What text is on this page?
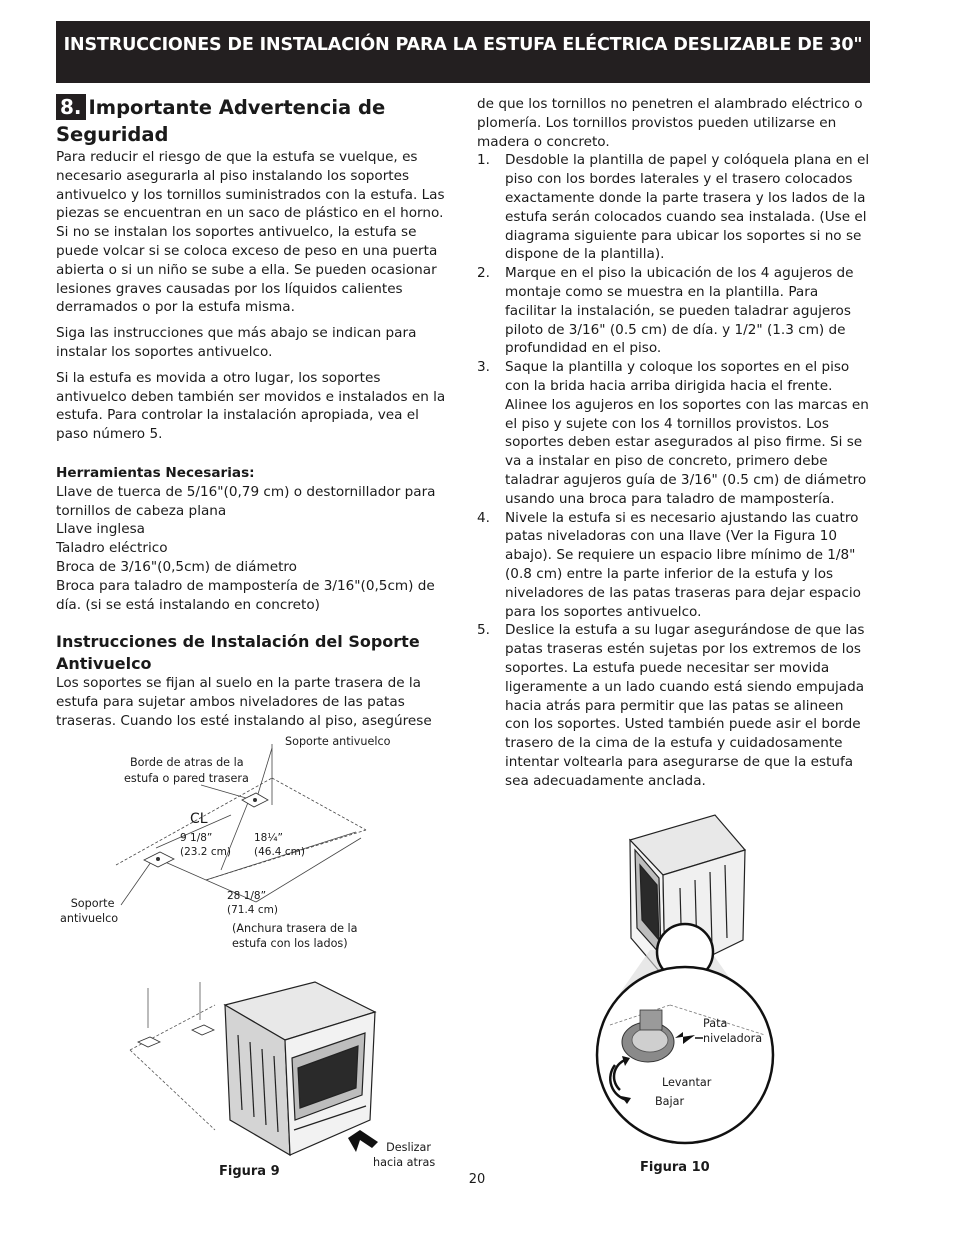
INSTRUCCIONES DE INSTALACIÓN PARA LA ESTUFA ELÉCTRICA DESLIZABLE DE 30"
8. Importante Advertencia de
Seguridad

Para reducir el riesgo de que la estufa se vuelque, es necesario asegurarla al piso instalando los soportes antivuelco y los tornillos suministrados con la estufa. Las piezas se encuentran en un saco de plástico en el horno. Si no se instalan los soportes antivuelco, la estufa se puede volcar si se coloca exceso de peso en una puerta abierta o si un niño se sube a ella. Se pueden ocasionar lesiones graves causadas por los líquidos calientes derramados o por la estufa misma.

Siga las instrucciones que más abajo se indican para instalar los soportes antivuelco.

Si la estufa es movida a otro lugar, los soportes antivuelco deben también ser movidos e instalados en la estufa. Para controlar la instalación apropiada, vea el paso número 5.

Herramientas Necesarias:

Llave de tuerca de 5/16"(0,79 cm) o destornillador para tornillos de cabeza plana

Llave inglesa

Taladro eléctrico

Broca de 3/16"(0,5cm) de diámetro

Broca para taladro de mampostería de 3/16"(0,5cm) de día. (si se está instalando en concreto)

Instrucciones de Instalación del Soporte Antivuelco

Los soportes se fijan al suelo en la parte trasera de la estufa para sujetar ambos niveladores de las patas traseras. Cuando los esté instalando al piso, asegúrese

de que los tornillos no penetren el alambrado eléctrico o plomería. Los tornillos provistos pueden utilizarse en madera o concreto.

1. Desdoble la plantilla de papel y colóquela plana en el piso con los bordes laterales y el trasero colocados exactamente donde la parte trasera y los lados de la estufa serán colocados cuando sea instalada. (Use el diagrama siguiente para ubicar los soportes si no se dispone de la plantilla).
2. Marque en el piso la ubicación de los 4 agujeros de montaje como se muestra en la plantilla. Para facilitar la instalación, se pueden taladrar agujeros piloto de 3/16" (0.5 cm) de día. y 1/2" (1.3 cm) de profundidad en el piso.
3. Saque la plantilla y coloque los soportes en el piso con la brida hacia arriba dirigida hacia el frente. Alinee los agujeros en los soportes con las marcas en el piso y sujete con los 4 tornillos provistos. Los soportes deben estar asegurados al piso firme. Si se va a instalar en piso de concreto, primero debe taladrar agujeros guía de 3/16" (0.5 cm) de diámetro usando una broca para taladro de mampostería.
4. Nivele la estufa si es necesario ajustando las cuatro patas niveladoras con una llave (Ver la Figura 10 abajo). Se requiere un espacio libre mínimo de 1/8" (0.8 cm) entre la parte inferior de la estufa y los niveladores de las patas traseras para dejar espacio para los soportes antivuelco.
5. Deslice la estufa a su lugar asegurándose de que las patas traseras estén sujetas por los extremos de los soportes. La estufa puede necesitar ser movida ligeramente a un lado cuando está siendo empujada hacia atrás para permitir que las patas se alineen con los soportes. Usted también puede asir el borde trasero de la cima de la estufa y cuidadosamente intentar voltearla para asegurarse de que la estufa sea adecuadamente anclada.
Soporte antivuelco
Borde de atras de la
estufa o pared trasera
CL
9 1/8”
(23.2 cm)
18¼”
(46.4 cm)
28 1/8”
(71.4 cm)
Soporte
antivuelco
(Anchura trasera de la
estufa con los lados)
Deslizar
hacia atras
Figura 9
Pata
niveladora
Levantar
Bajar
Figura 10
20
